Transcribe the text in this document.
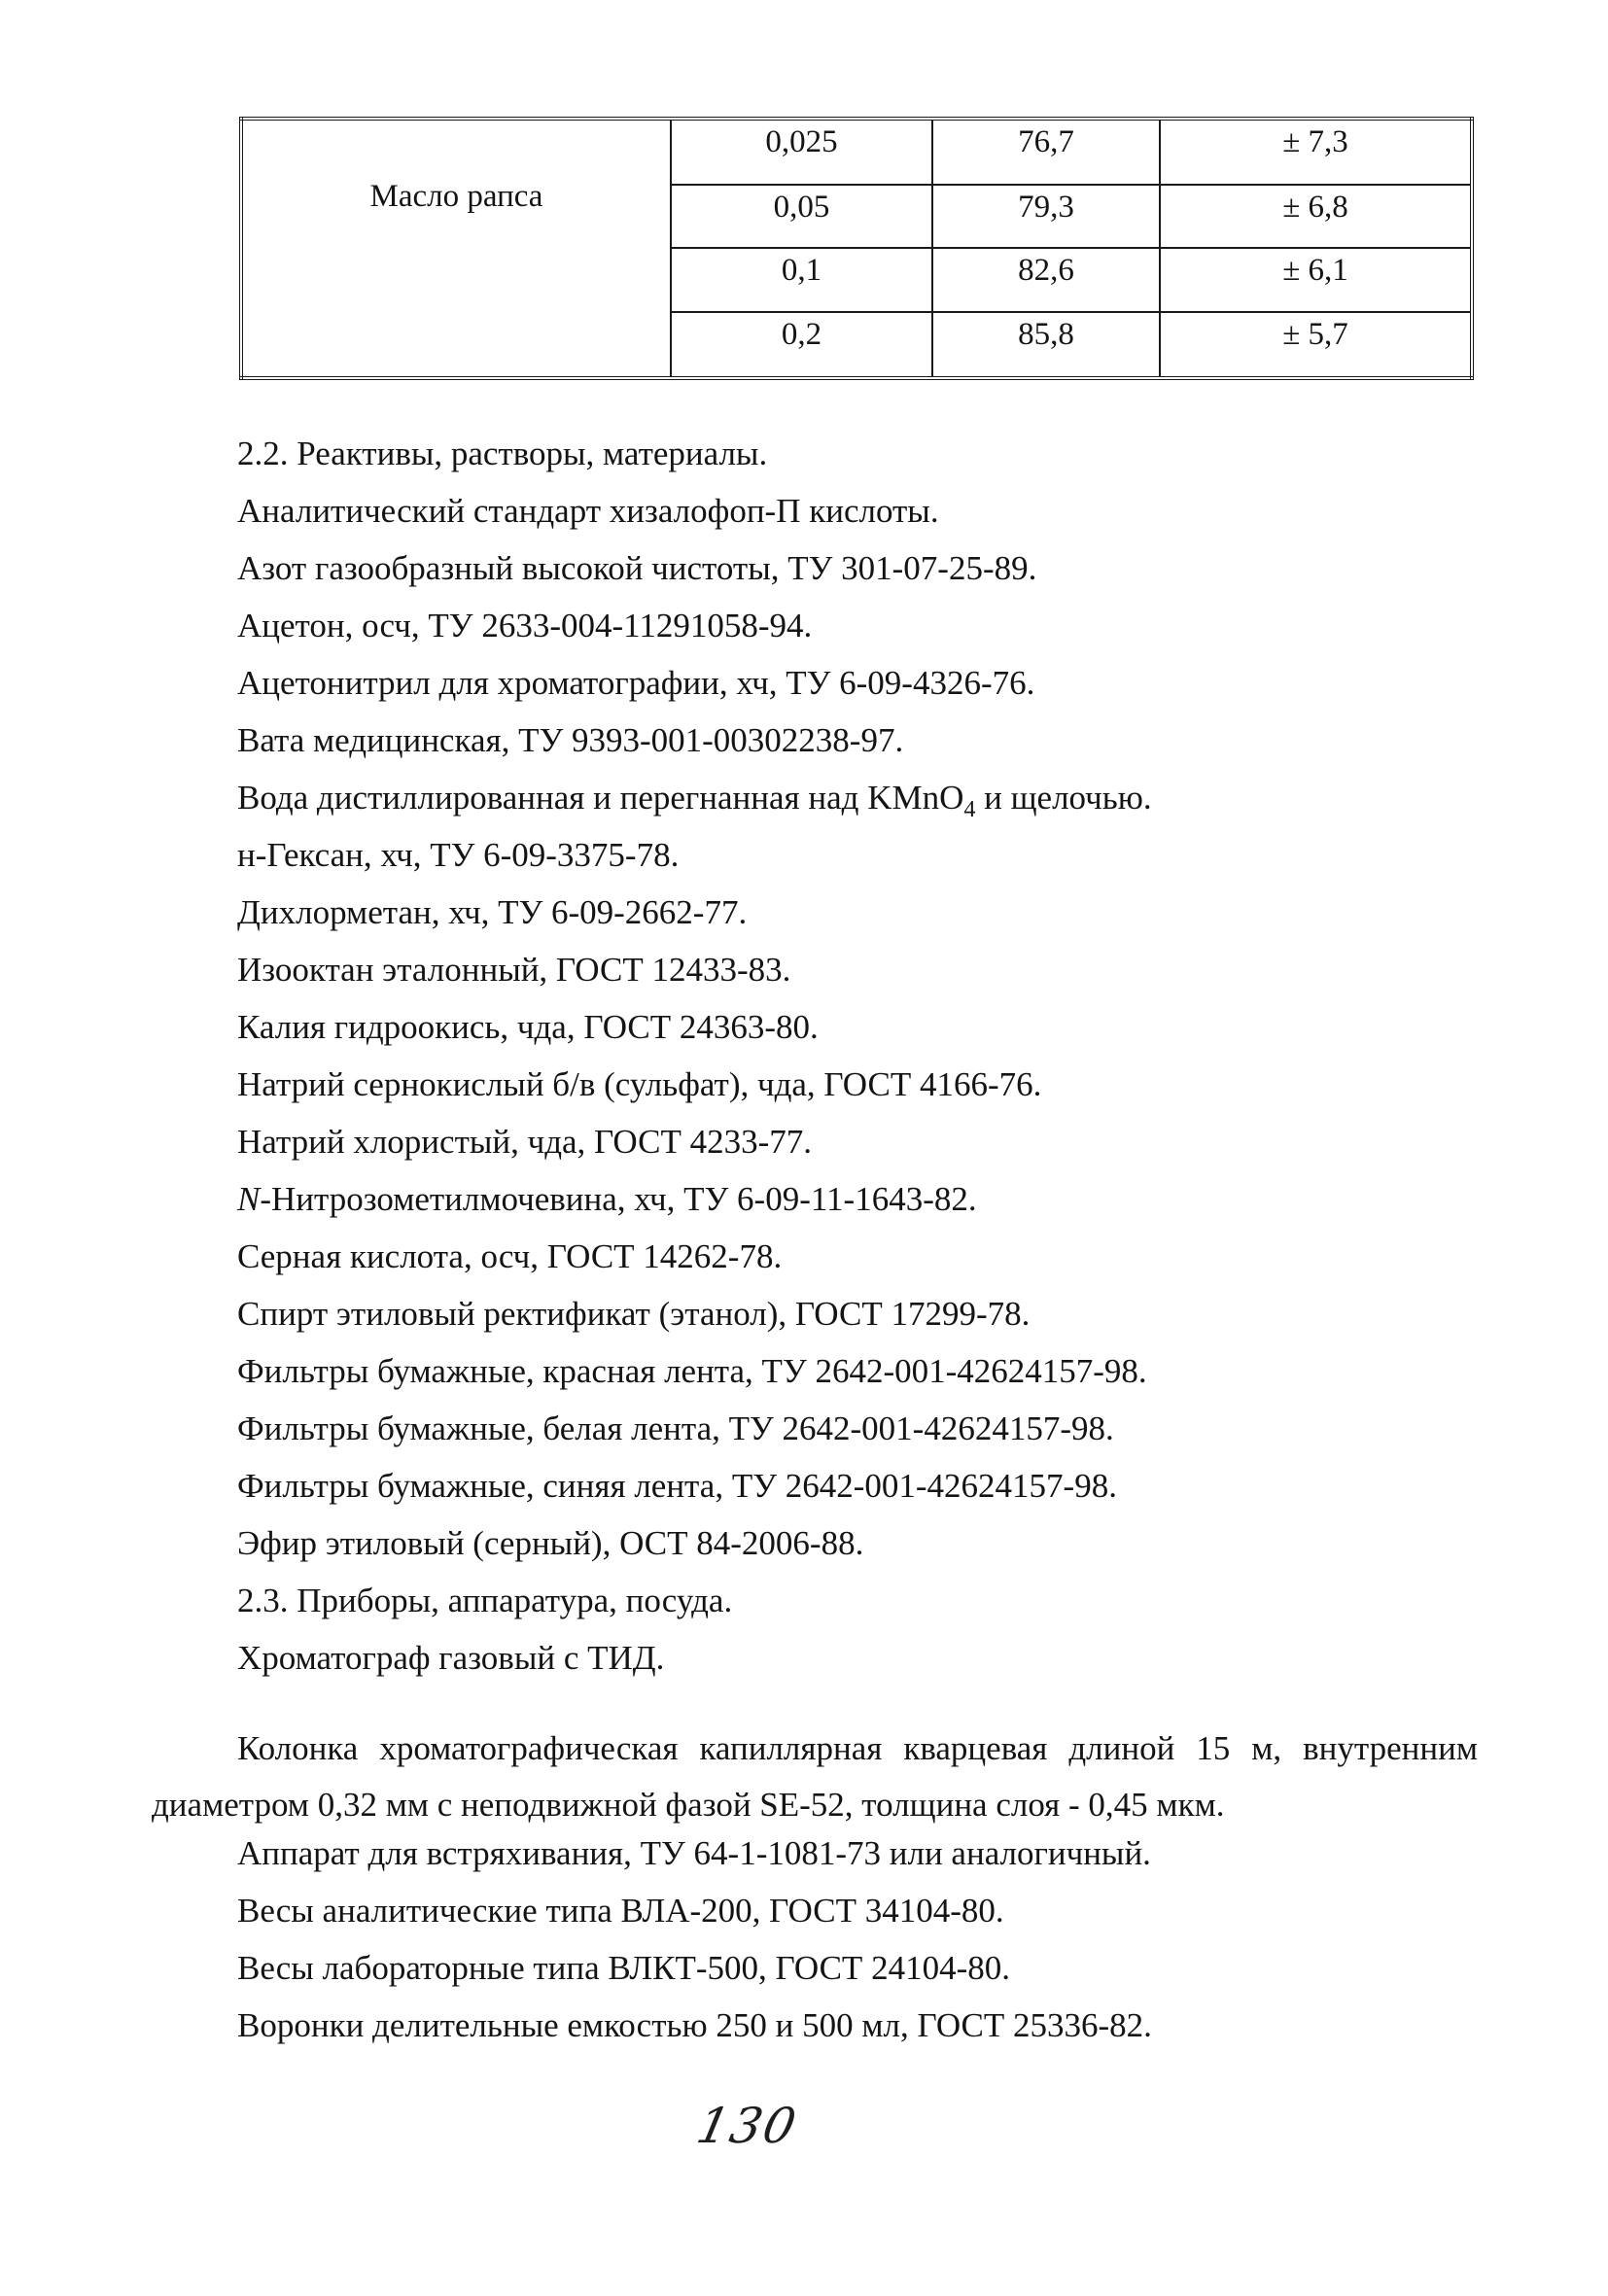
Масло рапса	0,025	76,7	± 7,3
	0,05	79,3	± 6,8
	0,1	82,6	± 6,1
	0,2	85,8	± 5,7
2.2. Реактивы, растворы, материалы.
Аналитический стандарт хизалофоп-П кислоты.
Азот газообразный высокой чистоты, ТУ 301-07-25-89.
Ацетон, осч, ТУ 2633-004-11291058-94.
Ацетонитрил для хроматографии, хч, ТУ 6-09-4326-76.
Вата медицинская, ТУ 9393-001-00302238-97.
Вода дистиллированная и перегнанная над KMnO$_4$ и щелочью.
н-Гексан, хч, ТУ 6-09-3375-78.
Дихлорметан, хч, ТУ 6-09-2662-77.
Изооктан эталонный, ГОСТ 12433-83.
Калия гидроокись, чда, ГОСТ 24363-80.
Натрий сернокислый б/в (сульфат), чда, ГОСТ 4166-76.
Натрий хлористый, чда, ГОСТ 4233-77.
N-Нитрозометилмочевина, хч, ТУ 6-09-11-1643-82.
Серная кислота, осч, ГОСТ 14262-78.
Спирт этиловый ректификат (этанол), ГОСТ 17299-78.
Фильтры бумажные, красная лента, ТУ 2642-001-42624157-98.
Фильтры бумажные, белая лента, ТУ 2642-001-42624157-98.
Фильтры бумажные, синяя лента, ТУ 2642-001-42624157-98.
Эфир этиловый (серный), ОСТ 84-2006-88.
2.3. Приборы, аппаратура, посуда.
Хроматограф газовый с ТИД.
Колонка хроматографическая капиллярная кварцевая длиной 15 м, внутренним
диаметром 0,32 мм с неподвижной фазой SE-52, толщина слоя - 0,45 мкм.
Аппарат для встряхивания, ТУ 64-1-1081-73 или аналогичный.
Весы аналитические типа ВЛА-200, ГОСТ 34104-80.
Весы лабораторные типа ВЛКТ-500, ГОСТ 24104-80.
Воронки делительные емкостью 250 и 500 мл, ГОСТ 25336-82.
130
